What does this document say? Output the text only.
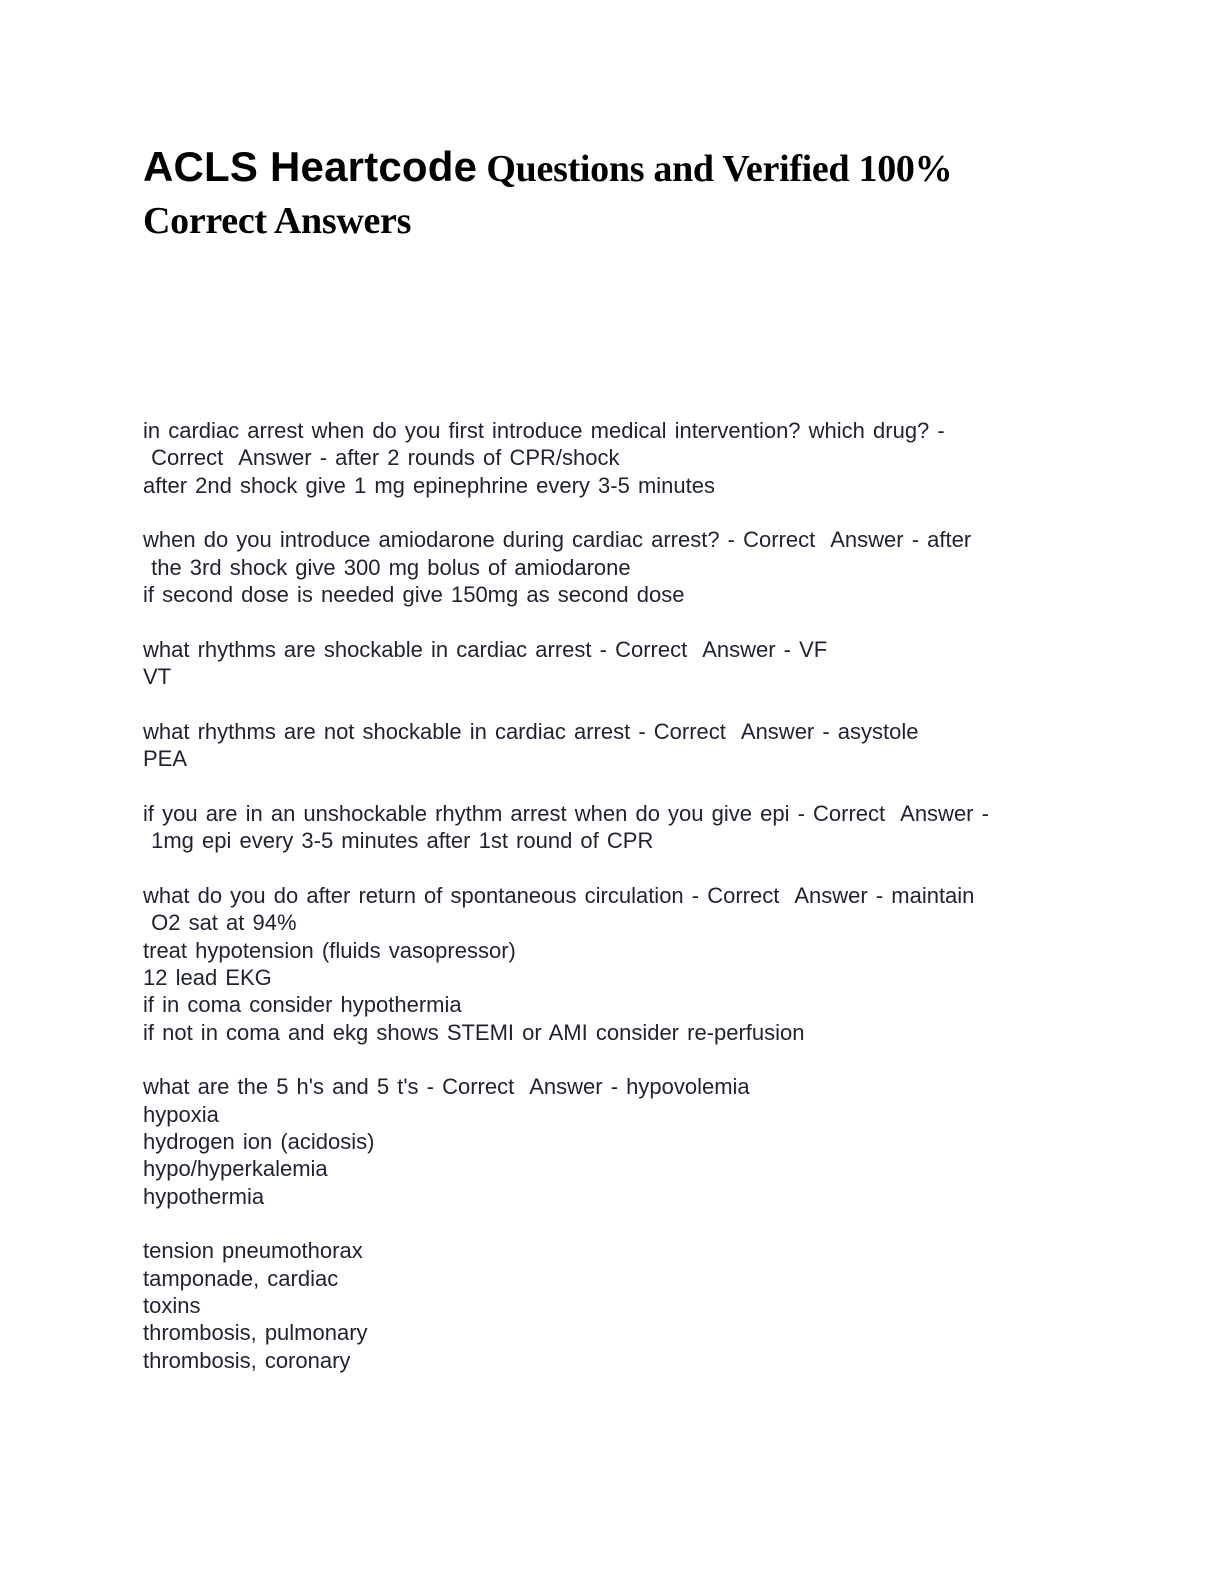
ACLS Heartcode Questions and Verified 100%
Correct Answers
in cardiac arrest when do you first introduce medical intervention? which drug? -
Correct  Answer - after 2 rounds of CPR/shock
after 2nd shock give 1 mg epinephrine every 3-5 minutes
when do you introduce amiodarone during cardiac arrest? - Correct  Answer - after
the 3rd shock give 300 mg bolus of amiodarone
if second dose is needed give 150mg as second dose
what rhythms are shockable in cardiac arrest - Correct  Answer - VF
VT
what rhythms are not shockable in cardiac arrest - Correct  Answer - asystole
PEA
if you are in an unshockable rhythm arrest when do you give epi - Correct  Answer -
1mg epi every 3-5 minutes after 1st round of CPR
what do you do after return of spontaneous circulation - Correct  Answer - maintain
O2 sat at 94%
treat hypotension (fluids vasopressor)
12 lead EKG
if in coma consider hypothermia
if not in coma and ekg shows STEMI or AMI consider re-perfusion
what are the 5 h's and 5 t's - Correct  Answer - hypovolemia
hypoxia
hydrogen ion (acidosis)
hypo/hyperkalemia
hypothermia
tension pneumothorax
tamponade, cardiac
toxins
thrombosis, pulmonary
thrombosis, coronary
